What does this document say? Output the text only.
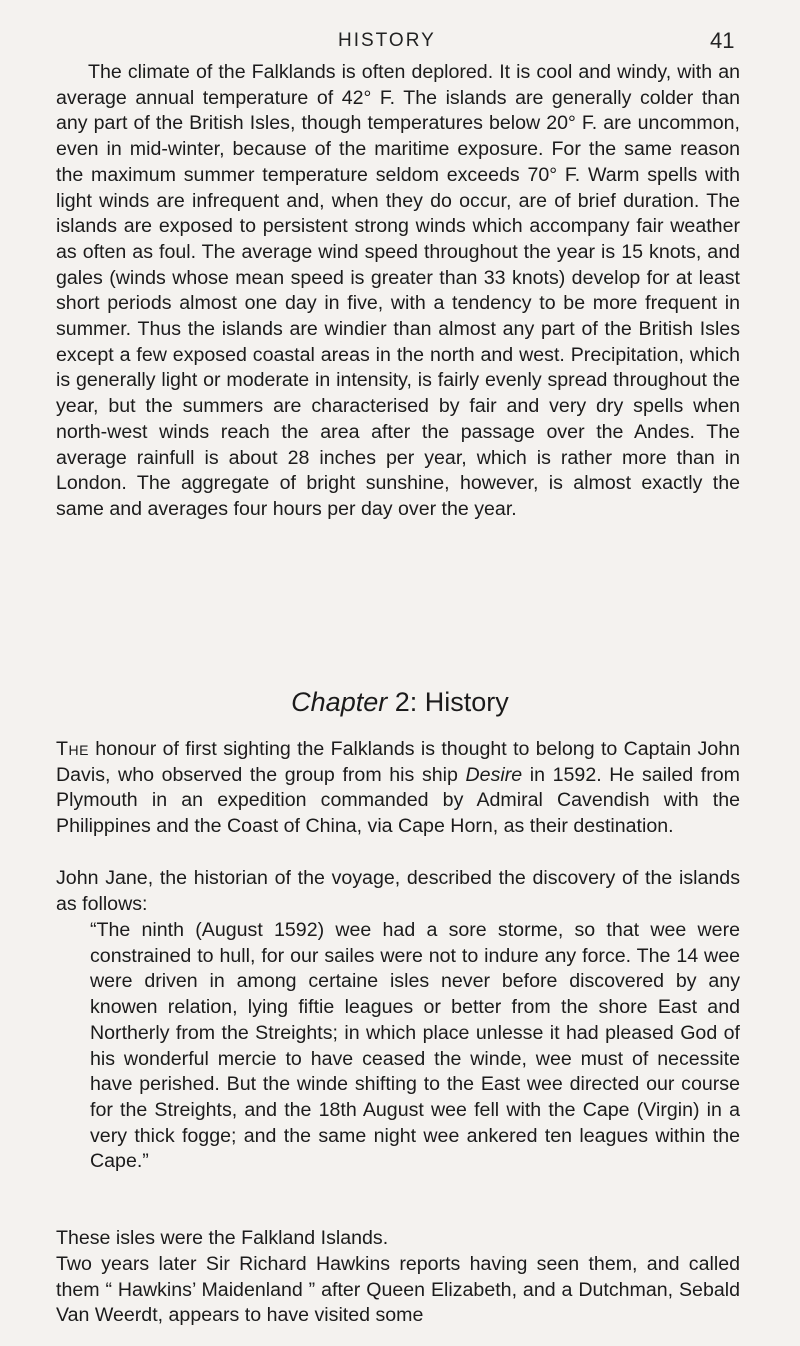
HISTORY	41

The climate of the Falklands is often deplored. It is cool and windy, with an average annual temperature of 42° F. The islands are generally colder than any part of the British Isles, though temperatures below 20° F. are uncommon, even in mid-winter, because of the maritime exposure. For the same reason the maximum summer temperature seldom exceeds 70° F. Warm spells with light winds are infrequent and, when they do occur, are of brief duration. The islands are exposed to persistent strong winds which accompany fair weather as often as foul. The average wind speed throughout the year is 15 knots, and gales (winds whose mean speed is greater than 33 knots) develop for at least short periods almost one day in five, with a tendency to be more frequent in summer. Thus the islands are windier than almost any part of the British Isles except a few exposed coastal areas in the north and west. Precipitation, which is generally light or moderate in intensity, is fairly evenly spread throughout the year, but the summers are characterised by fair and very dry spells when north-west winds reach the area after the passage over the Andes. The average rainfull is about 28 inches per year, which is rather more than in London. The aggregate of bright sunshine, however, is almost exactly the same and averages four hours per day over the year.

Chapter 2: History

The honour of first sighting the Falklands is thought to belong to Captain John Davis, who observed the group from his ship Desire in 1592. He sailed from Plymouth in an expedition commanded by Admiral Cavendish with the Philippines and the Coast of China, via Cape Horn, as their destination.

John Jane, the historian of the voyage, described the discovery of the islands as follows:

“The ninth (August 1592) wee had a sore storme, so that wee were constrained to hull, for our sailes were not to indure any force. The 14 wee were driven in among certaine isles never before discovered by any knowen relation, lying fiftie leagues or better from the shore East and Northerly from the Streights; in which place unlesse it had pleased God of his wonderful mercie to have ceased the winde, wee must of necessite have perished. But the winde shifting to the East wee directed our course for the Streights, and the 18th August wee fell with the Cape (Virgin) in a very thick fogge; and the same night wee ankered ten leagues within the Cape.”

These isles were the Falkland Islands.

Two years later Sir Richard Hawkins reports having seen them, and called them “ Hawkins’ Maidenland ” after Queen Elizabeth, and a Dutchman, Sebald Van Weerdt, appears to have visited some
